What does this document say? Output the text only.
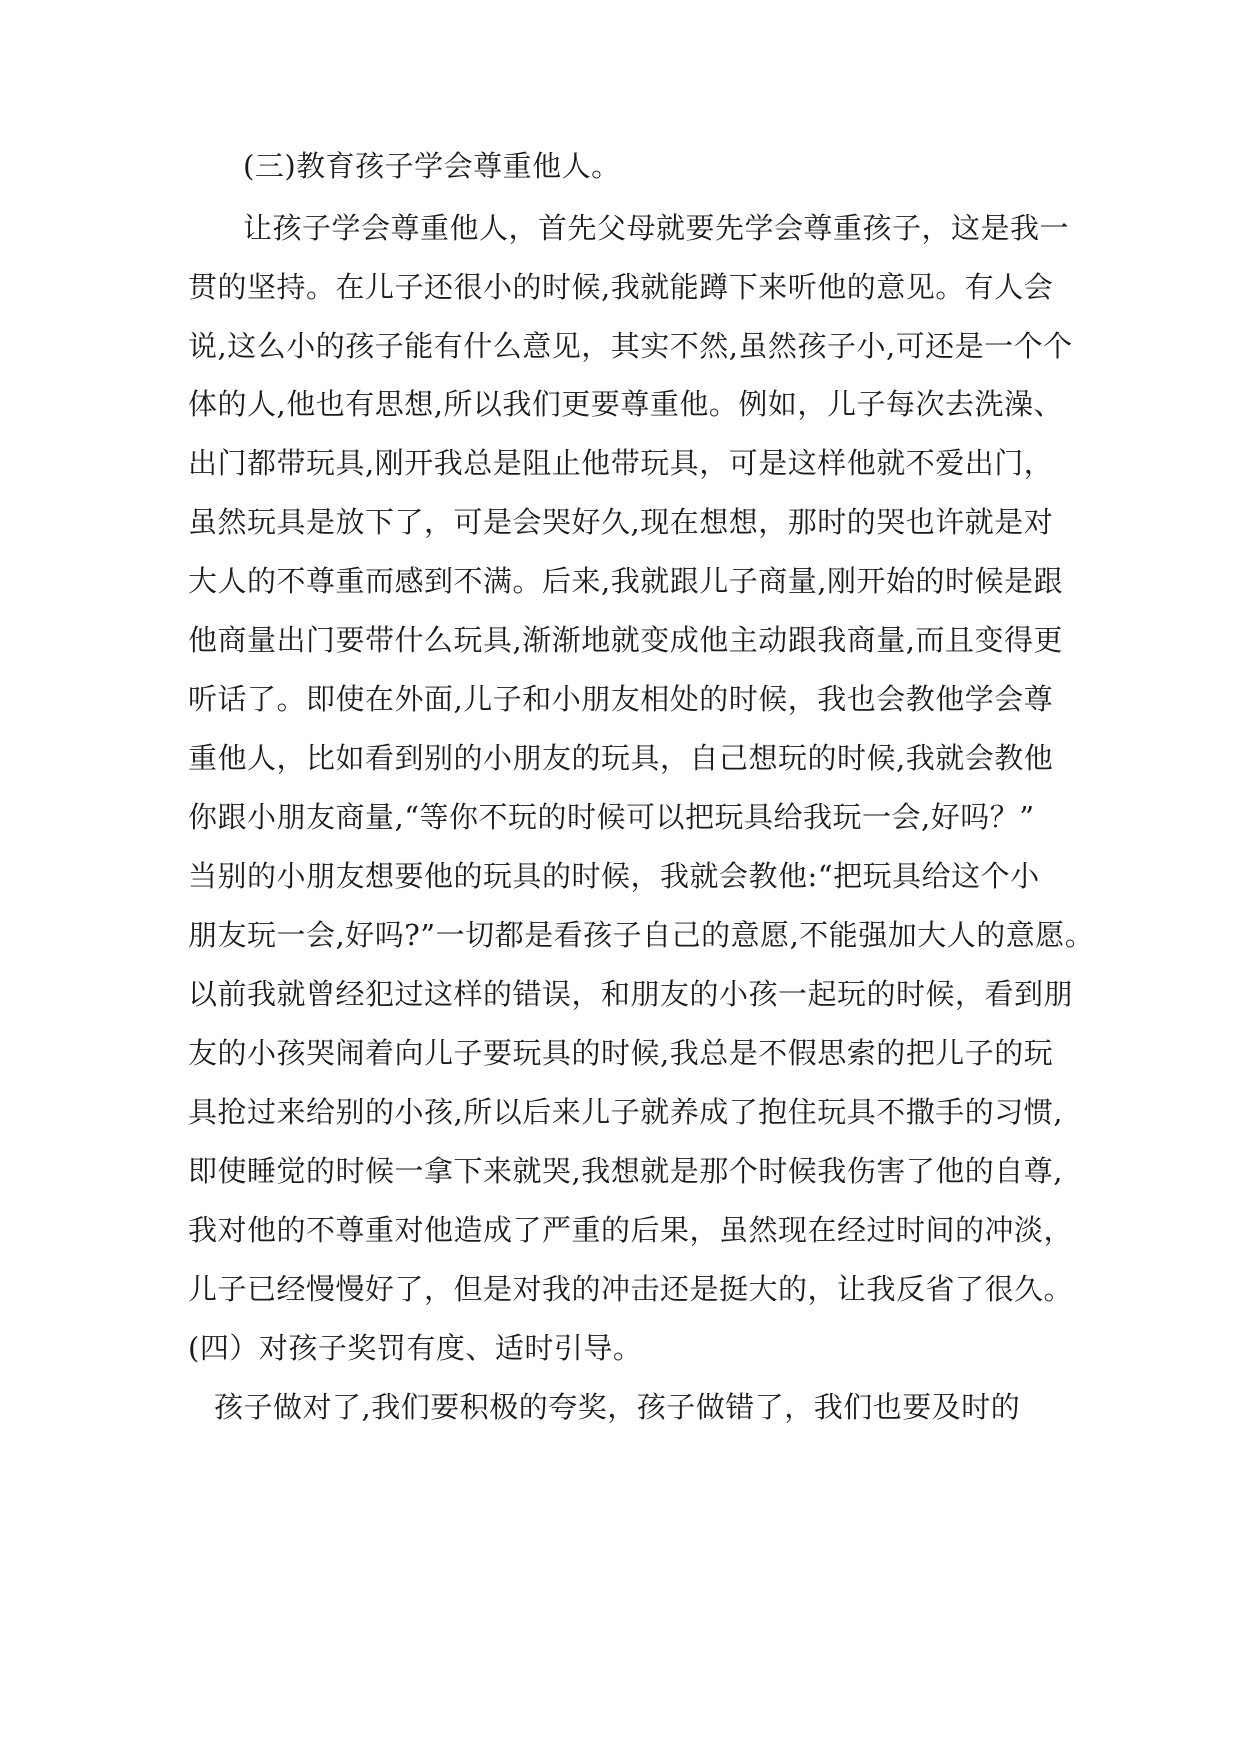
(三)教育孩子学会尊重他人。
让孩子学会尊重他人，首先父母就要先学会尊重孩子，这是我一
贯的坚持。在儿子还很小的时候,我就能蹲下来听他的意见。有人会
说,这么小的孩子能有什么意见，其实不然,虽然孩子小,可还是一个个
体的人,他也有思想,所以我们更要尊重他。例如，儿子每次去洗澡、
出门都带玩具,刚开我总是阻止他带玩具，可是这样他就不爱出门，
虽然玩具是放下了，可是会哭好久,现在想想，那时的哭也许就是对
大人的不尊重而感到不满。后来,我就跟儿子商量,刚开始的时候是跟
他商量出门要带什么玩具,渐渐地就变成他主动跟我商量,而且变得更
听话了。即使在外面,儿子和小朋友相处的时候，我也会教他学会尊
重他人，比如看到别的小朋友的玩具，自己想玩的时候,我就会教他
你跟小朋友商量,“等你不玩的时候可以把玩具给我玩一会,好吗？”
当别的小朋友想要他的玩具的时候，我就会教他:“把玩具给这个小
朋友玩一会,好吗?”一切都是看孩子自己的意愿,不能强加大人的意愿。
以前我就曾经犯过这样的错误，和朋友的小孩一起玩的时候，看到朋
友的小孩哭闹着向儿子要玩具的时候,我总是不假思索的把儿子的玩
具抢过来给别的小孩,所以后来儿子就养成了抱住玩具不撒手的习惯,
即使睡觉的时候一拿下来就哭,我想就是那个时候我伤害了他的自尊,
我对他的不尊重对他造成了严重的后果，虽然现在经过时间的冲淡，
儿子已经慢慢好了，但是对我的冲击还是挺大的，让我反省了很久。
(四）对孩子奖罚有度、适时引导。
孩子做对了,我们要积极的夸奖，孩子做错了，我们也要及时的
